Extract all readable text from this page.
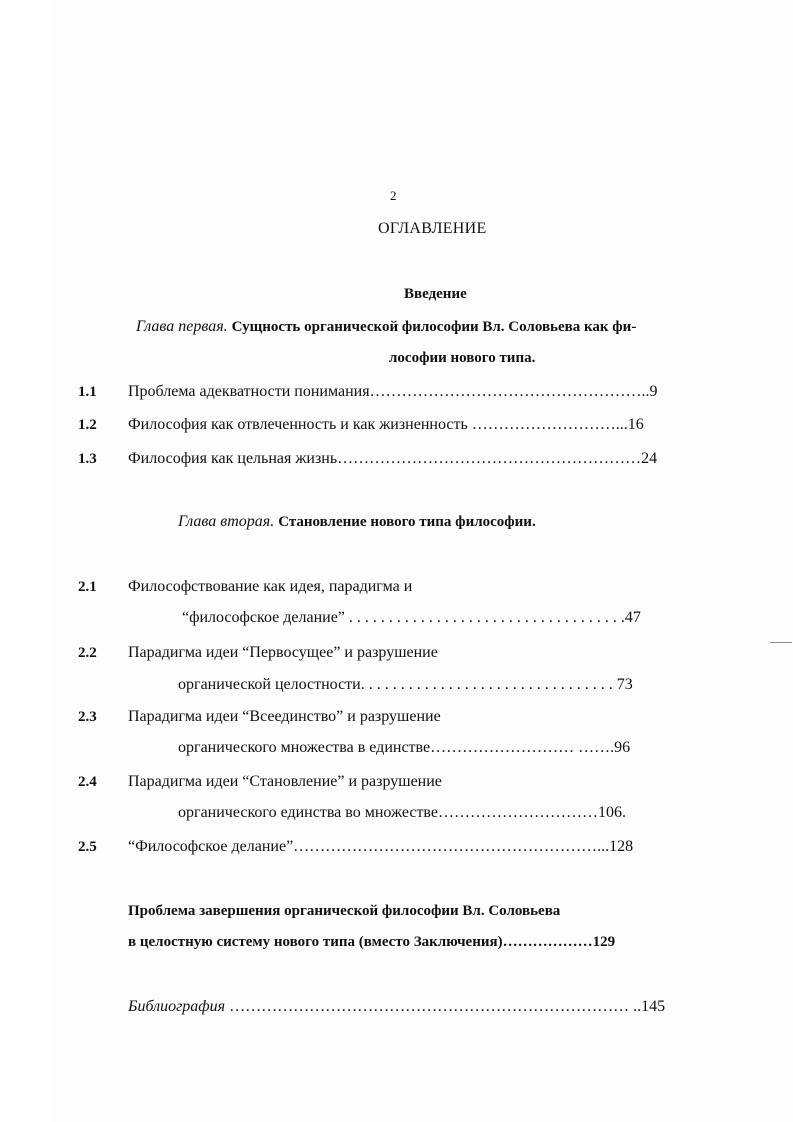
2
ОГЛАВЛЕНИЕ
Введение
Глава первая. Сущность органической философии Вл. Соловьева как фи-
лософии нового типа.
1.1 Проблема адекватности понимания……………………………………………..9
1.2 Философия как отвлеченность и как жизненность ………………………...16
1.3 Философия как цельная жизнь…………………………………………………24
Глава вторая. Становление нового типа философии.
2.1 Философствование как идея, парадигма и
“философское делание” . . . . . . . . . . . . . . . . . . . . . . . . . . . . . . . . . . .47
2.2 Парадигма идеи “Первосущее” и разрушение
органической целостности. . . . . . . . . . . . . . . . . . . . . . . . . . . . . . . . 73
2.3 Парадигма идеи “Всеединство” и разрушение
органического множества в единстве……………………… …….96
2.4 Парадигма идеи “Становление” и разрушение
органического единства во множестве…………………………106.
2.5 “Философское делание”…………………………………………………...128
Проблема завершения органической философии Вл. Соловьева
в целостную систему нового типа (вместо Заключения)………………129
Библиография ………………………………………………………………… ..145
